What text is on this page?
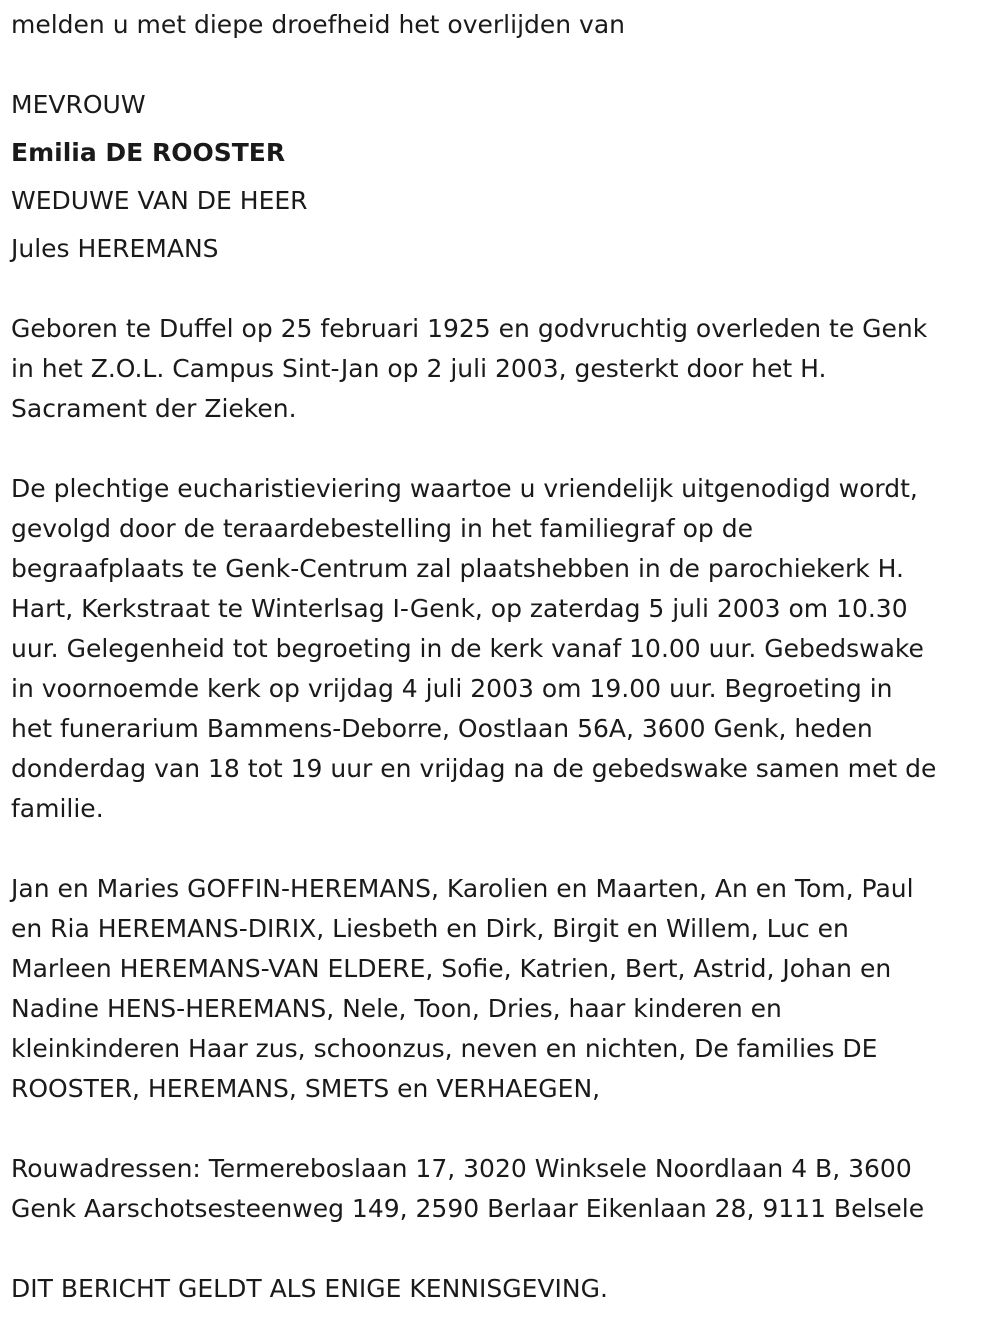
melden u met diepe droefheid het overlijden van
MEVROUW
Emilia DE ROOSTER
WEDUWE VAN DE HEER
Jules HEREMANS
Geboren te Duffel op 25 februari 1925 en godvruchtig overleden te Genk
in het Z.O.L. Campus Sint-Jan op 2 juli 2003, gesterkt door het H.
Sacrament der Zieken.
De plechtige eucharistieviering waartoe u vriendelijk uitgenodigd wordt,
gevolgd door de teraardebestelling in het familiegraf op de
begraafplaats te Genk-Centrum zal plaatshebben in de parochiekerk H.
Hart, Kerkstraat te Winterlsag I-Genk, op zaterdag 5 juli 2003 om 10.30
uur. Gelegenheid tot begroeting in de kerk vanaf 10.00 uur. Gebedswake
in voornoemde kerk op vrijdag 4 juli 2003 om 19.00 uur. Begroeting in
het funerarium Bammens-Deborre, Oostlaan 56A, 3600 Genk, heden
donderdag van 18 tot 19 uur en vrijdag na de gebedswake samen met de
familie.
Jan en Maries GOFFIN-HEREMANS, Karolien en Maarten, An en Tom, Paul
en Ria HEREMANS-DIRIX, Liesbeth en Dirk, Birgit en Willem, Luc en
Marleen HEREMANS-VAN ELDERE, Sofie, Katrien, Bert, Astrid, Johan en
Nadine HENS-HEREMANS, Nele, Toon, Dries, haar kinderen en
kleinkinderen Haar zus, schoonzus, neven en nichten, De families DE
ROOSTER, HEREMANS, SMETS en VERHAEGEN,
Rouwadressen: Termereboslaan 17, 3020 Winksele Noordlaan 4 B, 3600
Genk Aarschotsesteenweg 149, 2590 Berlaar Eikenlaan 28, 9111 Belsele
DIT BERICHT GELDT ALS ENIGE KENNISGEVING.
